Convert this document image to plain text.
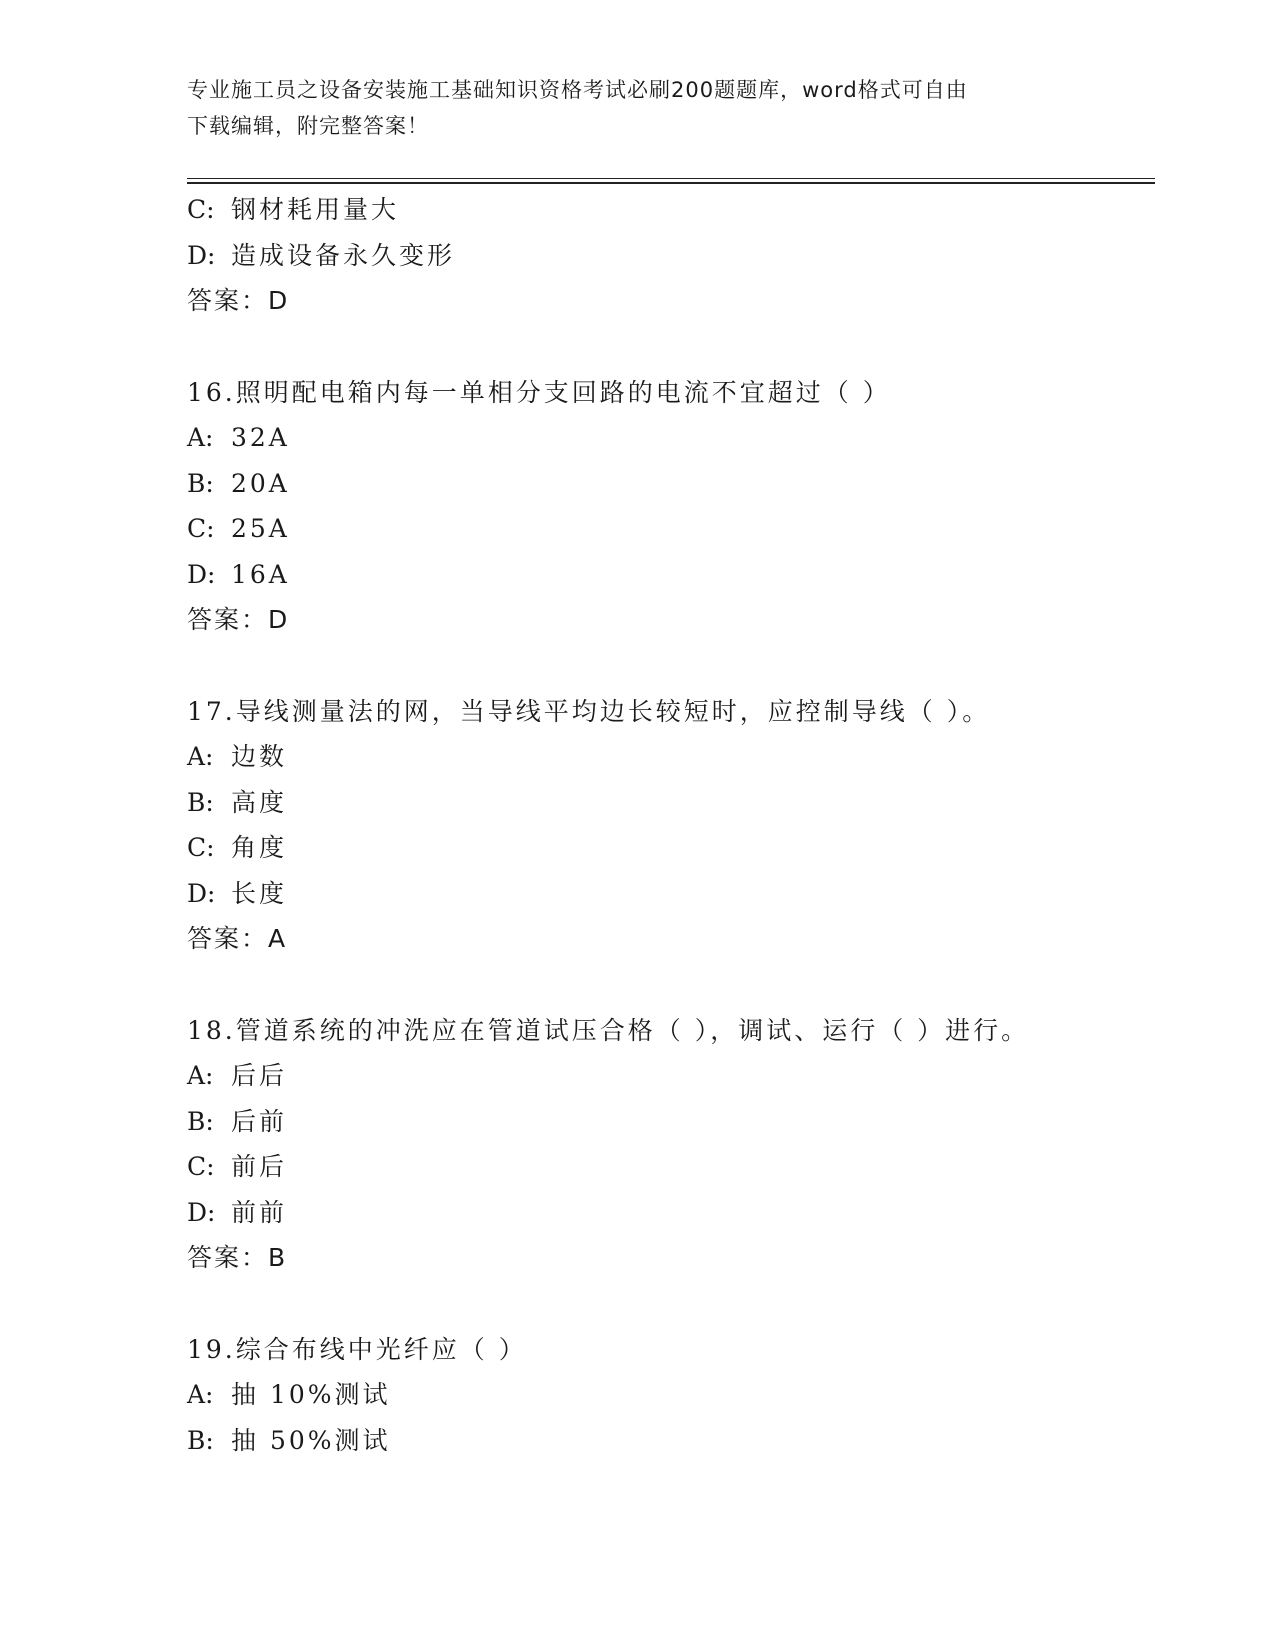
专业施工员之设备安装施工基础知识资格考试必刷200题题库，word格式可自由
下载编辑，附完整答案！
C: 钢材耗用量大
D: 造成设备永久变形
答案：D
16.照明配电箱内每一单相分支回路的电流不宜超过（ ）
A: 32A
B: 20A
C: 25A
D: 16A
答案：D
17.导线测量法的网，当导线平均边长较短时，应控制导线（ ）。
A: 边数
B: 高度
C: 角度
D: 长度
答案：A
18.管道系统的冲洗应在管道试压合格（ ），调试、运行（ ）进行。
A: 后后
B: 后前
C: 前后
D: 前前
答案：B
19.综合布线中光纤应（ ）
A: 抽 10%测试
B: 抽 50%测试
